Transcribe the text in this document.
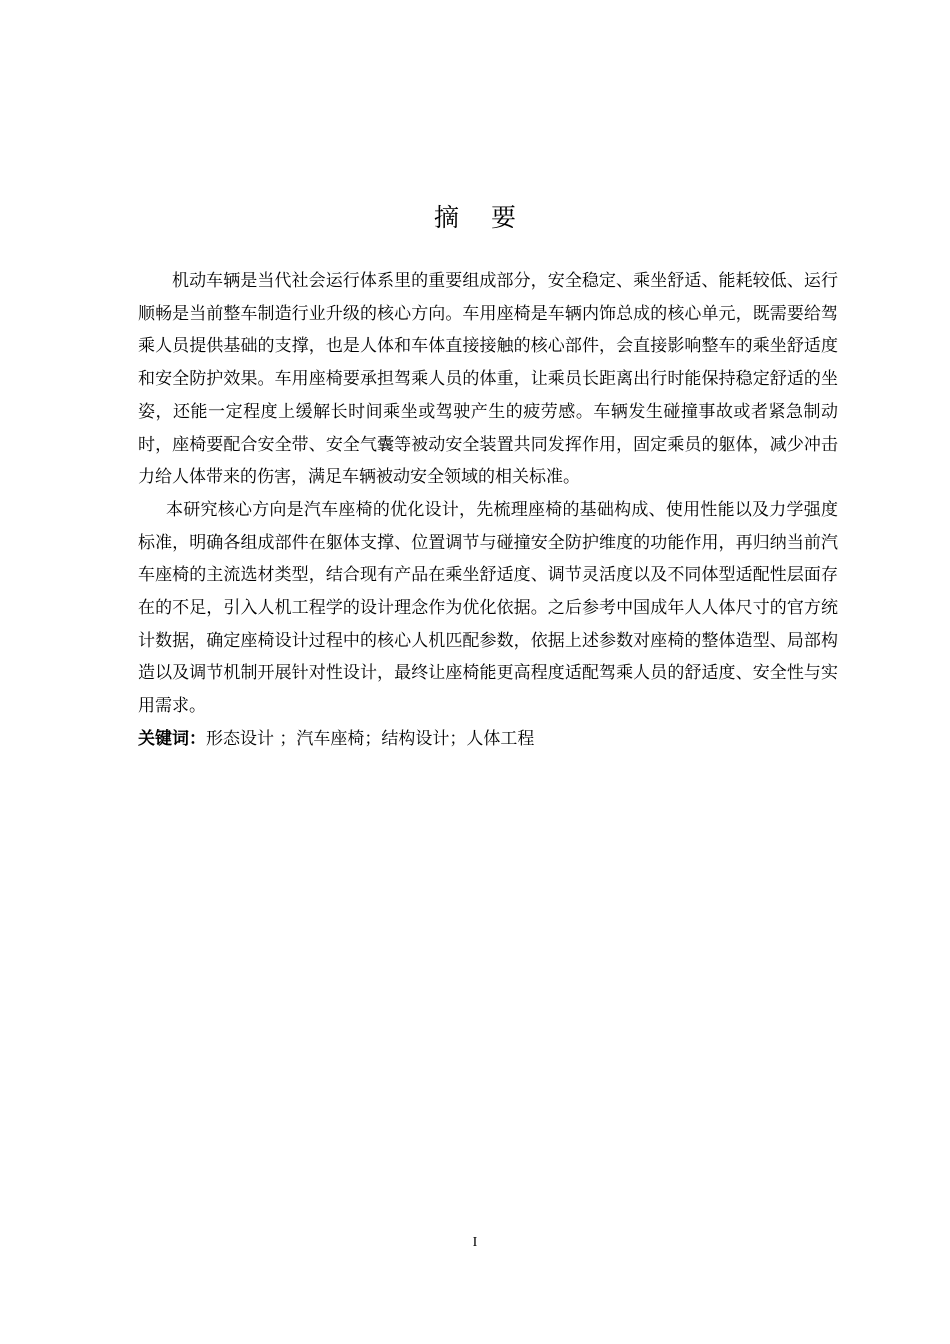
摘 要

机动车辆是当代社会运行体系里的重要组成部分，安全稳定、乘坐舒适、能耗较低、运行顺畅是当前整车制造行业升级的核心方向。车用座椅是车辆内饰总成的核心单元，既需要给驾乘人员提供基础的支撑，也是人体和车体直接接触的核心部件，会直接影响整车的乘坐舒适度和安全防护效果。车用座椅要承担驾乘人员的体重，让乘员长距离出行时能保持稳定舒适的坐姿，还能一定程度上缓解长时间乘坐或驾驶产生的疲劳感。车辆发生碰撞事故或者紧急制动时，座椅要配合安全带、安全气囊等被动安全装置共同发挥作用，固定乘员的躯体，减少冲击力给人体带来的伤害，满足车辆被动安全领域的相关标准。

本研究核心方向是汽车座椅的优化设计，先梳理座椅的基础构成、使用性能以及力学强度标准，明确各组成部件在躯体支撑、位置调节与碰撞安全防护维度的功能作用，再归纳当前汽车座椅的主流选材类型，结合现有产品在乘坐舒适度、调节灵活度以及不同体型适配性层面存在的不足，引入人机工程学的设计理念作为优化依据。之后参考中国成年人人体尺寸的官方统计数据，确定座椅设计过程中的核心人机匹配参数，依据上述参数对座椅的整体造型、局部构造以及调节机制开展针对性设计，最终让座椅能更高程度适配驾乘人员的舒适度、安全性与实用需求。

关键词：形态设计 ；汽车座椅；结构设计；人体工程

I
